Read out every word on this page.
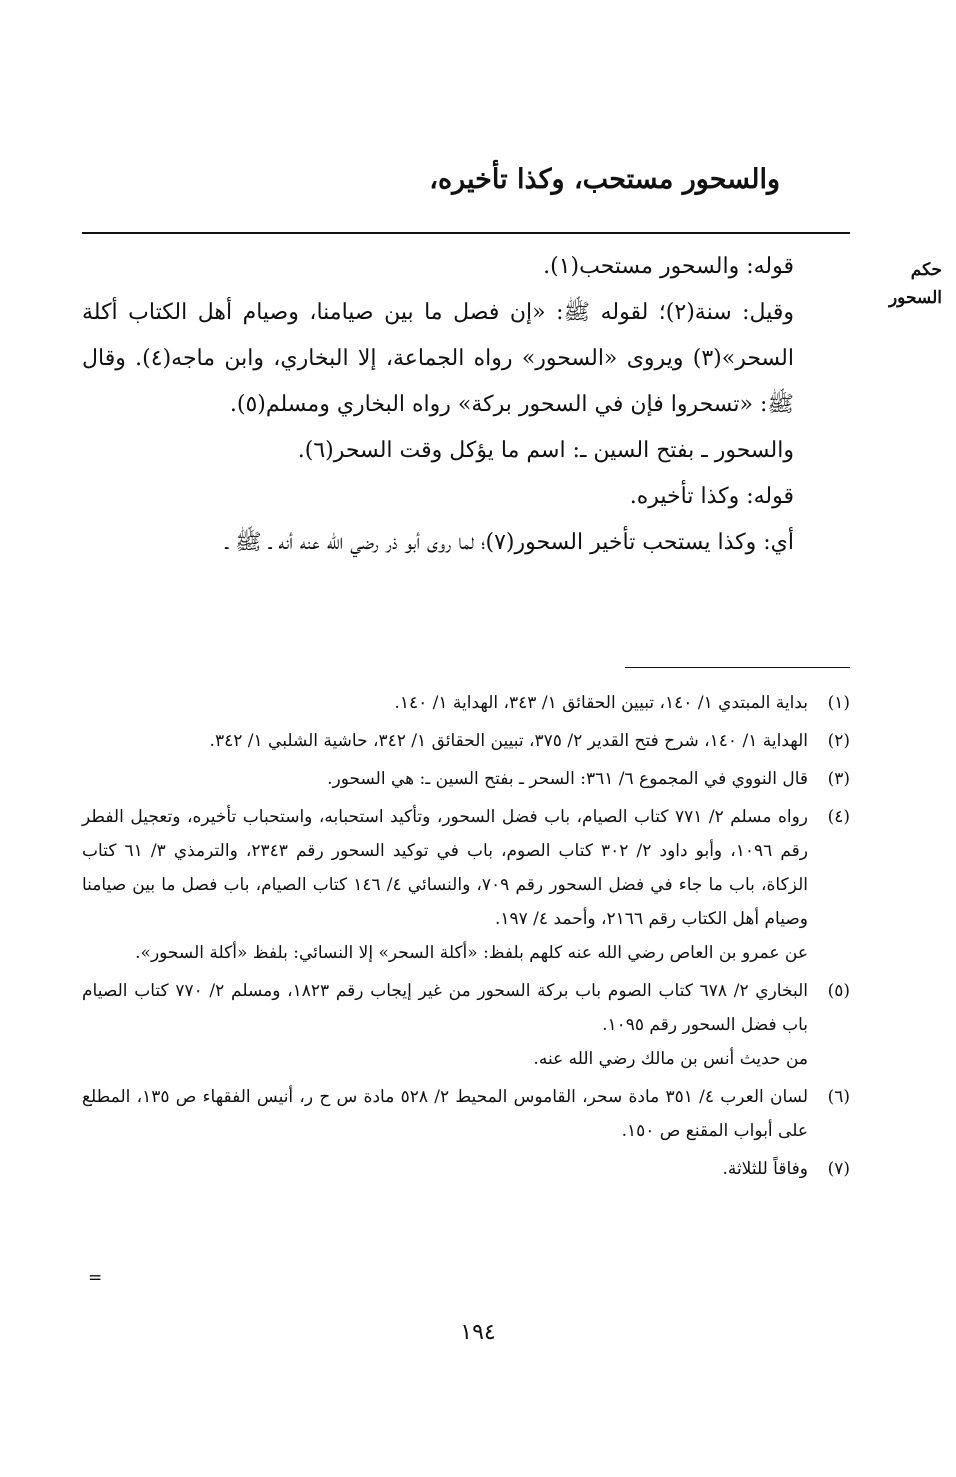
والسحور مستحب، وكذا تأخيره،
حكم
السحور

قوله: والسحور مستحب(١).

وقيل: سنة(٢)؛ لقوله ﷺ: «إن فصل ما بين صيامنا، وصيام أهل الكتاب أكلة السحر»(٣) ويروى «السحور» رواه الجماعة، إلا البخاري، وابن ماجه(٤). وقال ﷺ: «تسحروا فإن في السحور بركة» رواه البخاري ومسلم(٥).

والسحور ـ بفتح السين ـ: اسم ما يؤكل وقت السحر(٦).

قوله: وكذا تأخيره.

أي: وكذا يستحب تأخير السحور(٧)؛ لما روى أبو ذر رضي الله عنه أنه ـ ﷺ ـ

(١)

بداية المبتدي ١/ ١٤٠، تبيين الحقائق ١/ ٣٤٣، الهداية ١/ ١٤٠.

(٢)

الهداية ١/ ١٤٠، شرح فتح القدير ٢/ ٣٧٥، تبيين الحقائق ١/ ٣٤٢، حاشية الشلبي ١/ ٣٤٢.

(٣)

قال النووي في المجموع ٦/ ٣٦١: السحر ـ بفتح السين ـ: هي السحور.

(٤)

رواه مسلم ٢/ ٧٧١ كتاب الصيام، باب فضل السحور، وتأكيد استحبابه، واستحباب تأخيره، وتعجيل الفطر رقم ١٠٩٦، وأبو داود ٢/ ٣٠٢ كتاب الصوم، باب في توكيد السحور رقم ٢٣٤٣، والترمذي ٣/ ٦١ كتاب الزكاة، باب ما جاء في فضل السحور رقم ٧٠٩، والنسائي ٤/ ١٤٦ كتاب الصيام، باب فصل ما بين صيامنا وصيام أهل الكتاب رقم ٢١٦٦، وأحمد ٤/ ١٩٧.

عن عمرو بن العاص رضي الله عنه كلهم بلفظ: «أكلة السحر» إلا النسائي: بلفظ «أكلة السحور».

(٥)

البخاري ٢/ ٦٧٨ كتاب الصوم باب بركة السحور من غير إيجاب رقم ١٨٢٣، ومسلم ٢/ ٧٧٠ كتاب الصيام باب فضل السحور رقم ١٠٩٥.

من حديث أنس بن مالك رضي الله عنه.

(٦)

لسان العرب ٤/ ٣٥١ مادة سحر، القاموس المحيط ٢/ ٥٢٨ مادة س ح ر، أنيس الفقهاء ص ١٣٥، المطلع على أبواب المقنع ص ١٥٠.

(٧)

وفاقاً للثلاثة.

=
١٩٤
